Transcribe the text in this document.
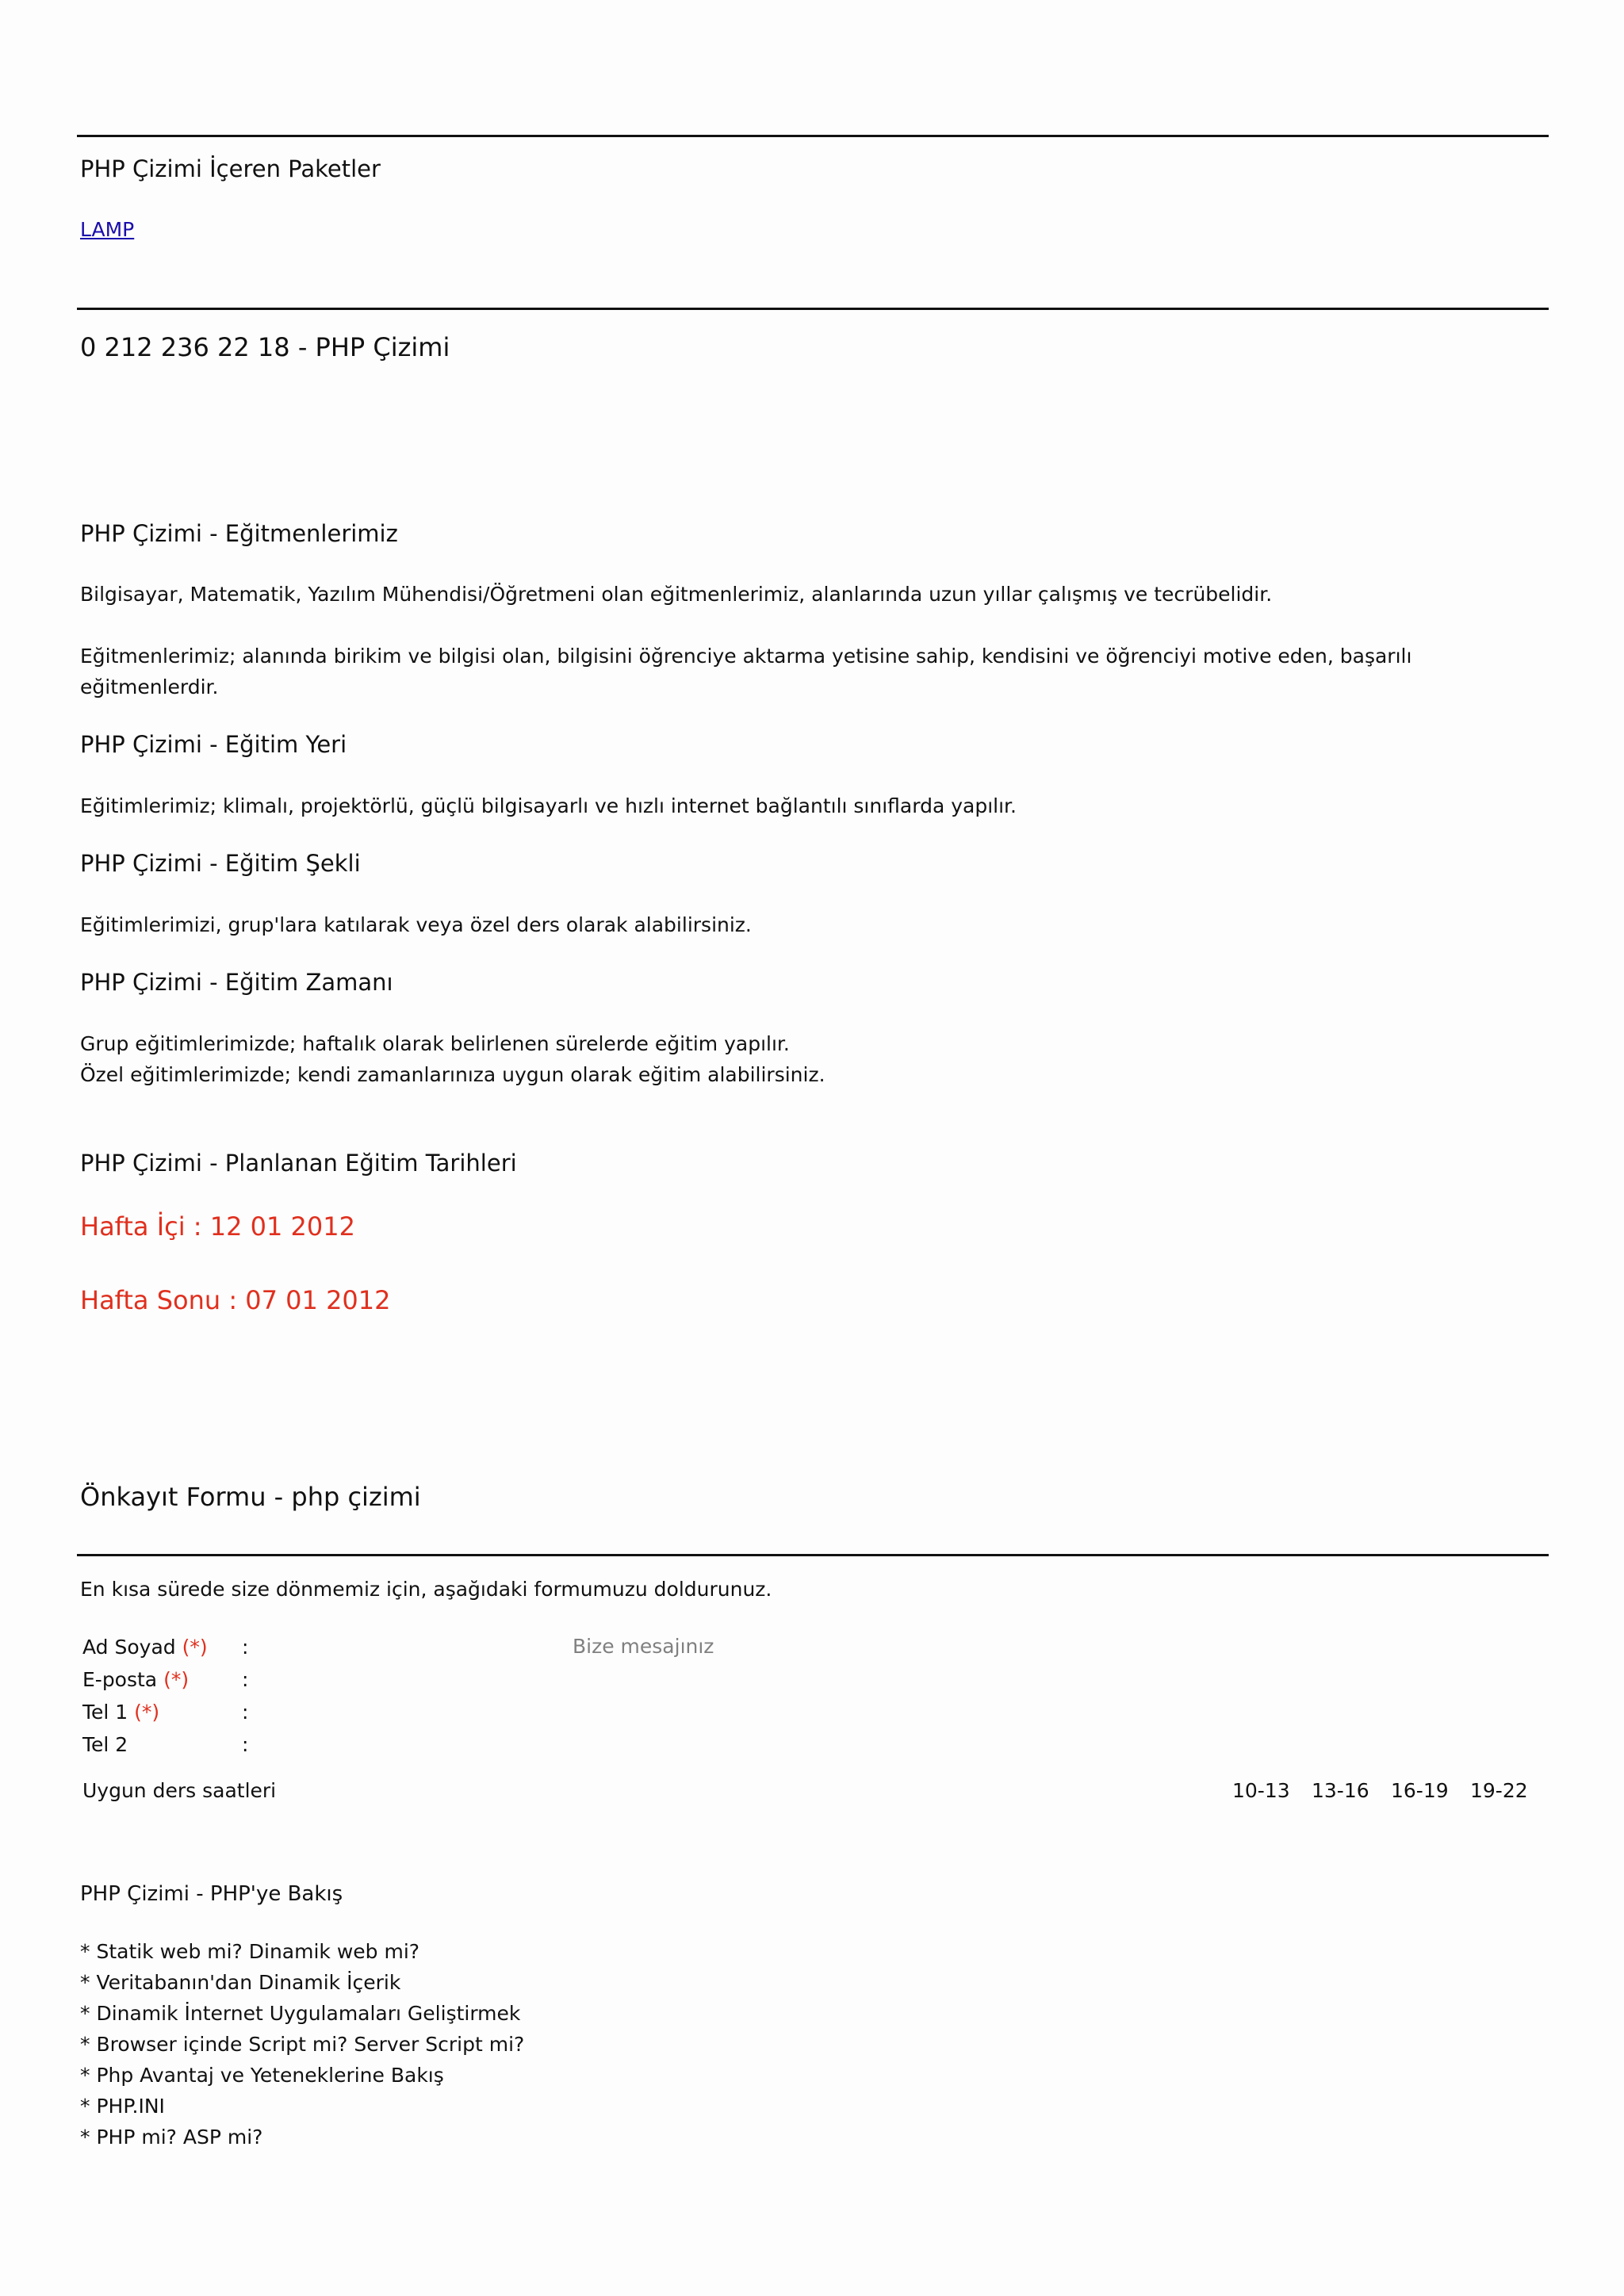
PHP Çizimi İçeren Paketler
LAMP
0 212 236 22 18 - PHP Çizimi
PHP Çizimi - Eğitmenlerimiz
Bilgisayar, Matematik, Yazılım Mühendisi/Öğretmeni olan eğitmenlerimiz, alanlarında uzun yıllar çalışmış ve tecrübelidir.
Eğitmenlerimiz; alanında birikim ve bilgisi olan, bilgisini öğrenciye aktarma yetisine sahip, kendisini ve öğrenciyi motive eden, başarılı
eğitmenlerdir.
PHP Çizimi - Eğitim Yeri
Eğitimlerimiz; klimalı, projektörlü, güçlü bilgisayarlı ve hızlı internet bağlantılı sınıflarda yapılır.
PHP Çizimi - Eğitim Şekli
Eğitimlerimizi, grup'lara katılarak veya özel ders olarak alabilirsiniz.
PHP Çizimi - Eğitim Zamanı
Grup eğitimlerimizde; haftalık olarak belirlenen sürelerde eğitim yapılır.
Özel eğitimlerimizde; kendi zamanlarınıza uygun olarak eğitim alabilirsiniz.
PHP Çizimi - Planlanan Eğitim Tarihleri
Hafta İçi : 12 01 2012
Hafta Sonu : 07 01 2012
Önkayıt Formu - php çizimi
En kısa sürede size dönmemiz için, aşağıdaki formumuzu doldurunuz.
Ad Soyad (*) :
E-posta (*)	:
Tel 1 (*)	:
Tel 2	:
Bize mesajınız
Uygun ders saatleri	10-13 13-16 16-19 19-22
PHP Çizimi - PHP'ye Bakış
* Statik web mi? Dinamik web mi?
* Veritabanın'dan Dinamik İçerik
* Dinamik İnternet Uygulamaları Geliştirmek
* Browser içinde Script mi? Server Script mi?
* Php Avantaj ve Yeteneklerine Bakış
* PHP.INI
* PHP mi? ASP mi?
